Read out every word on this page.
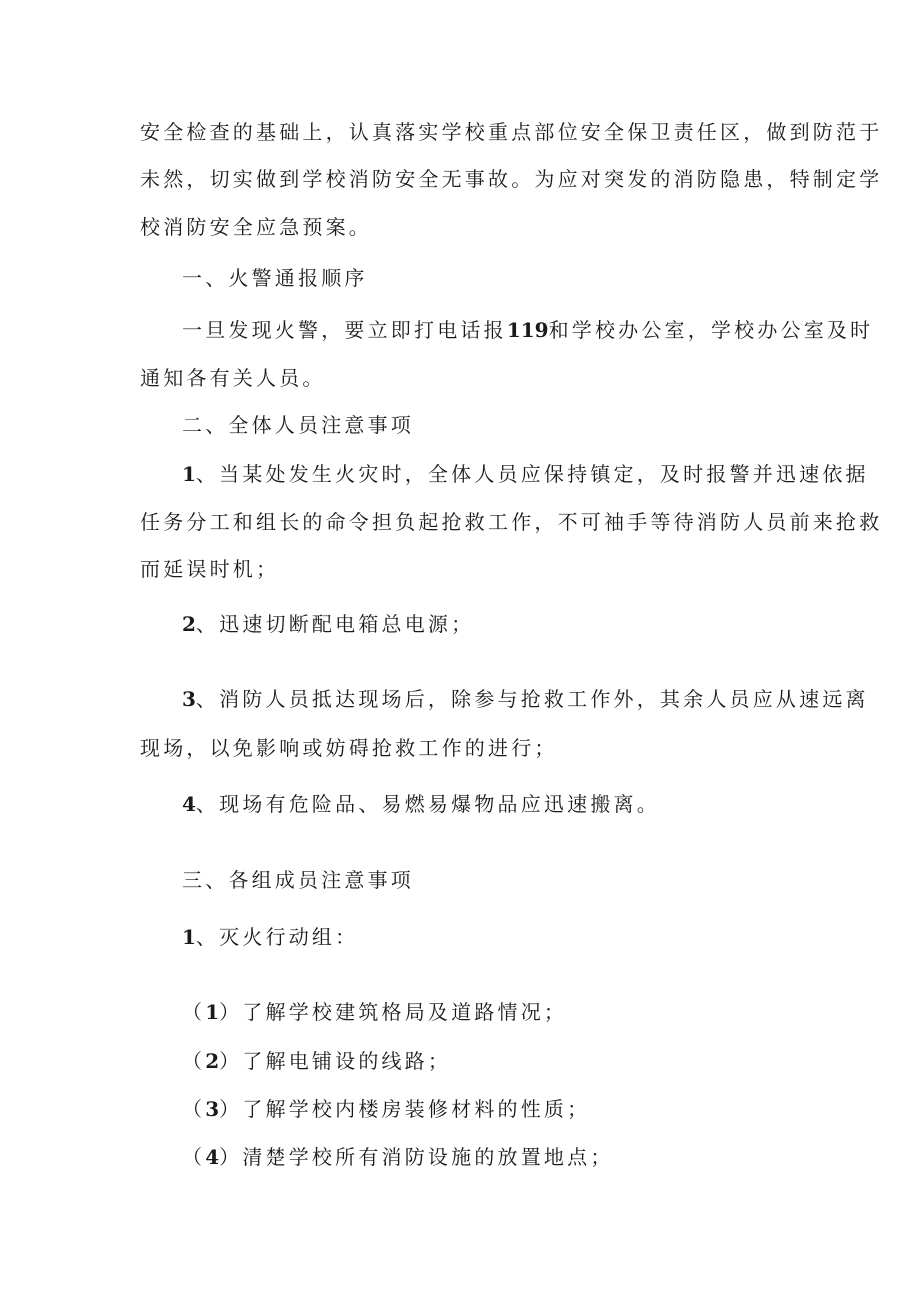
安全检查的基础上，认真落实学校重点部位安全保卫责任区，做到防范于
未然，切实做到学校消防安全无事故。为应对突发的消防隐患，特制定学
校消防安全应急预案。
一、火警通报顺序
一旦发现火警，要立即打电话报119和学校办公室，学校办公室及时
通知各有关人员。
二、全体人员注意事项
1、当某处发生火灾时，全体人员应保持镇定，及时报警并迅速依据
任务分工和组长的命令担负起抢救工作，不可袖手等待消防人员前来抢救
而延误时机；
2、迅速切断配电箱总电源；
3、消防人员抵达现场后，除参与抢救工作外，其余人员应从速远离
现场，以免影响或妨碍抢救工作的进行；
4、现场有危险品、易燃易爆物品应迅速搬离。
三、各组成员注意事项
1、灭火行动组：
（1）了解学校建筑格局及道路情况；
（2）了解电铺设的线路；
（3）了解学校内楼房装修材料的性质；
（4）清楚学校所有消防设施的放置地点；
